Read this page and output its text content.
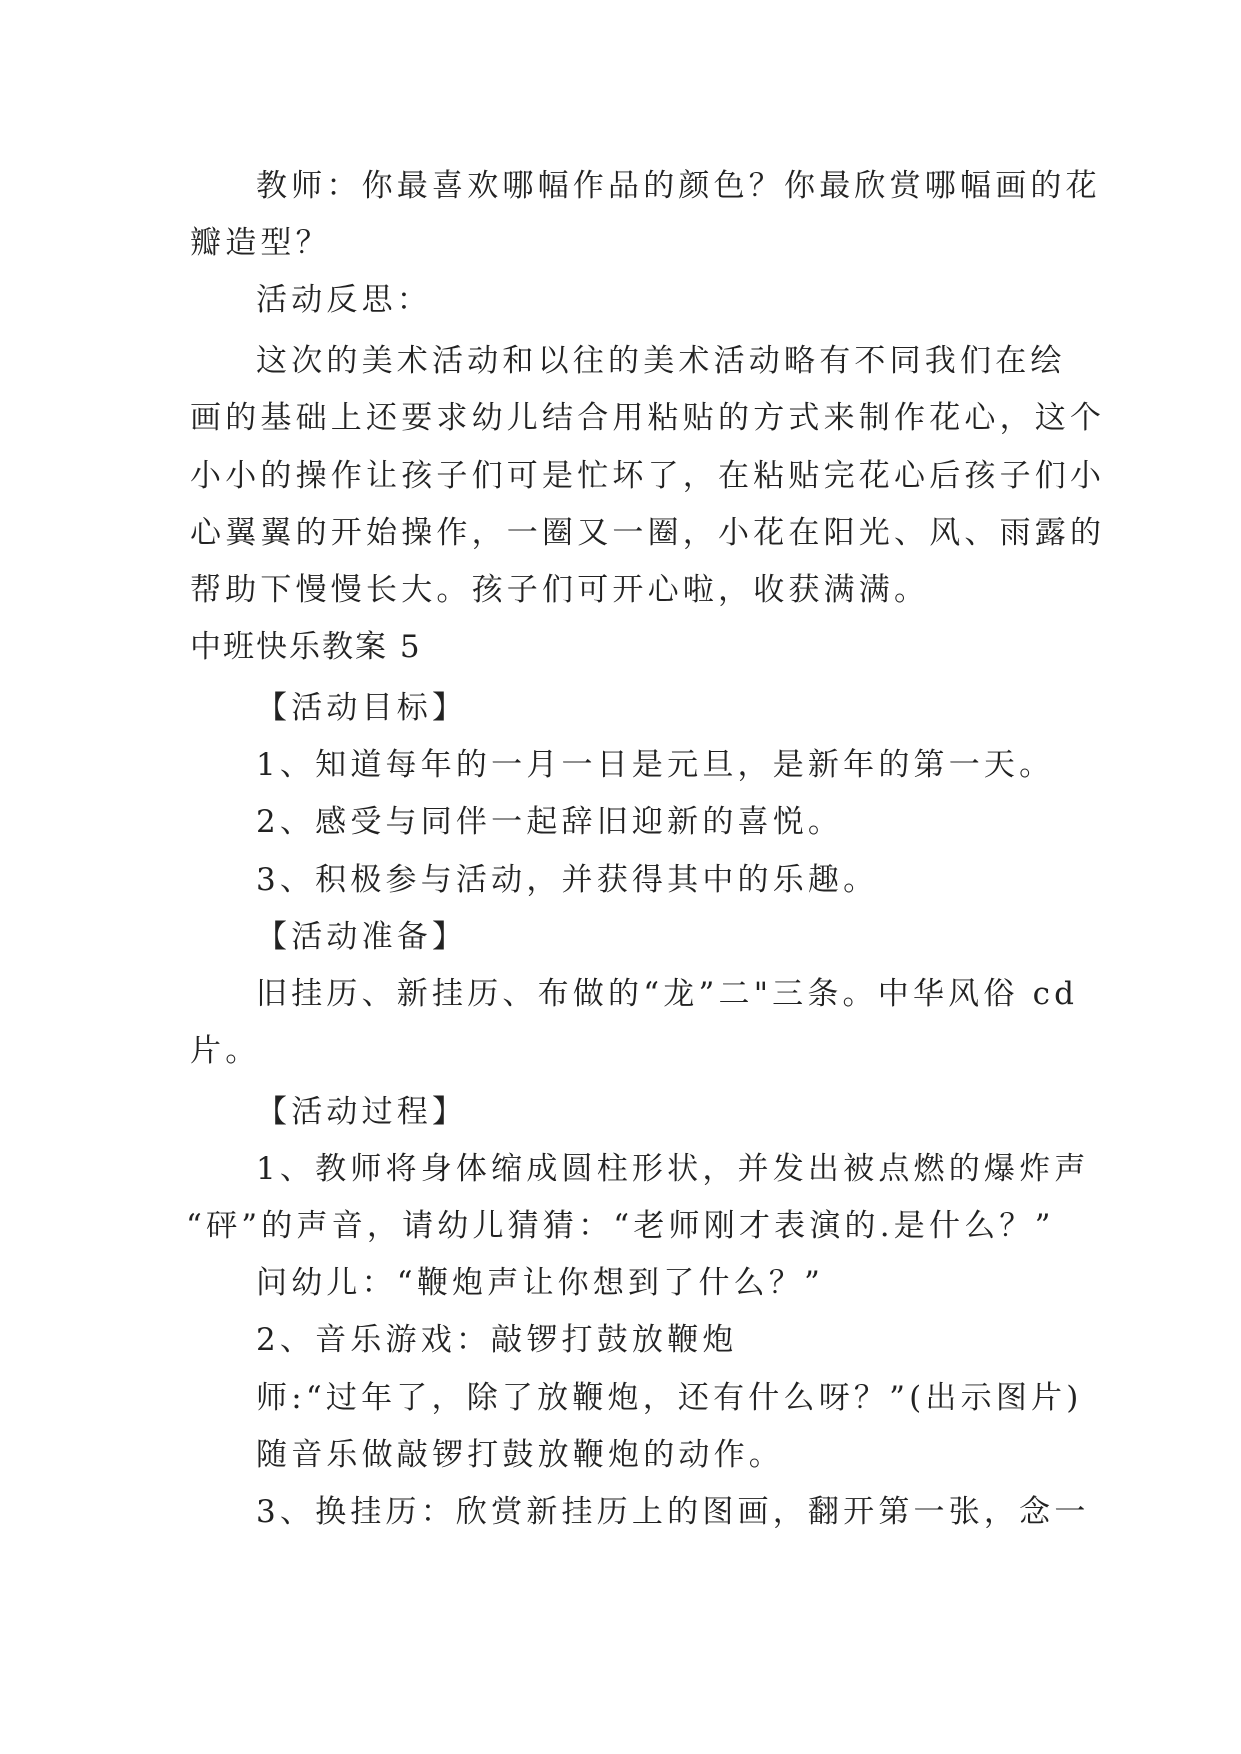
教师：你最喜欢哪幅作品的颜色？你最欣赏哪幅画的花

瓣造型？

活动反思：

这次的美术活动和以往的美术活动略有不同我们在绘

画的基础上还要求幼儿结合用粘贴的方式来制作花心，这个

小小的操作让孩子们可是忙坏了，在粘贴完花心后孩子们小

心翼翼的开始操作，一圈又一圈，小花在阳光、风、雨露的

帮助下慢慢长大。孩子们可开心啦，收获满满。

中班快乐教案 5

【活动目标】

1、知道每年的一月一日是元旦，是新年的第一天。

2、感受与同伴一起辞旧迎新的喜悦。

3、积极参与活动，并获得其中的乐趣。

【活动准备】

旧挂历、新挂历、布做的“龙”二"三条。中华风俗 cd

片。

【活动过程】

1、教师将身体缩成圆柱形状，并发出被点燃的爆炸声

“砰”的声音，请幼儿猜猜：“老师刚才表演的.是什么？”

问幼儿：“鞭炮声让你想到了什么？”

2、音乐游戏：敲锣打鼓放鞭炮

师:“过年了，除了放鞭炮，还有什么呀？”(出示图片)

随音乐做敲锣打鼓放鞭炮的动作。

3、换挂历：欣赏新挂历上的图画，翻开第一张，念一
